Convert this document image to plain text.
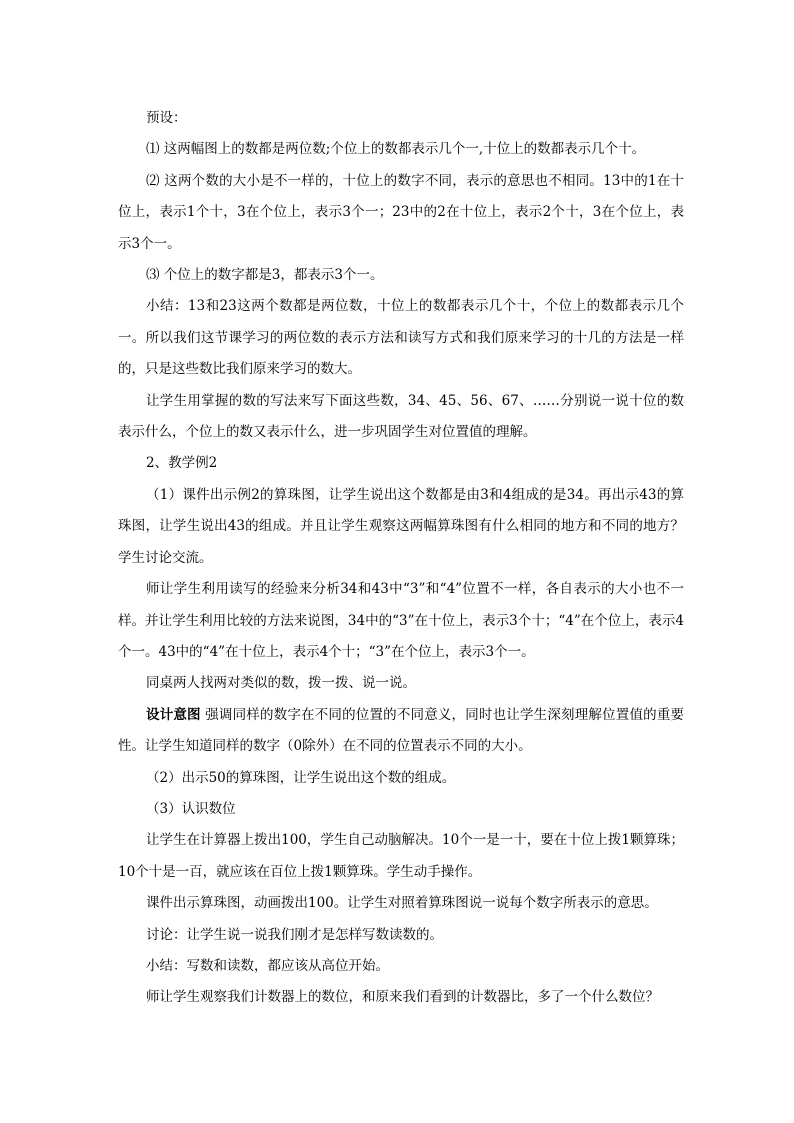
预设：

⑴ 这两幅图上的数都是两位数;个位上的数都表示几个一,十位上的数都表示几个十。

⑵ 这两个数的大小是不一样的，十位上的数字不同，表示的意思也不相同。13中的1在十位上，表示1个十，3在个位上，表示3个一；23中的2在十位上，表示2个十，3在个位上，表示3个一。

⑶ 个位上的数字都是3，都表示3个一。

小结：13和23这两个数都是两位数，十位上的数都表示几个十，个位上的数都表示几个一。所以我们这节课学习的两位数的表示方法和读写方式和我们原来学习的十几的方法是一样的，只是这些数比我们原来学习的数大。

让学生用掌握的数的写法来写下面这些数，34、45、56、67、……分别说一说十位的数表示什么，个位上的数又表示什么，进一步巩固学生对位置值的理解。

2、教学例2

（1）课件出示例2的算珠图，让学生说出这个数都是由3和4组成的是34。再出示43的算珠图，让学生说出43的组成。并且让学生观察这两幅算珠图有什么相同的地方和不同的地方？学生讨论交流。

师让学生利用读写的经验来分析34和43中“3”和“4”位置不一样，各自表示的大小也不一样。并让学生利用比较的方法来说图，34中的“3”在十位上，表示3个十；“4”在个位上，表示4个一。43中的“4”在十位上，表示4个十；“3”在个位上，表示3个一。

同桌两人找两对类似的数，拨一拨、说一说。

设计意图 强调同样的数字在不同的位置的不同意义，同时也让学生深刻理解位置值的重要性。让学生知道同样的数字（0除外）在不同的位置表示不同的大小。

（2）出示50的算珠图，让学生说出这个数的组成。

（3）认识数位

让学生在计算器上拨出100，学生自己动脑解决。10个一是一十，要在十位上拨1颗算珠；10个十是一百，就应该在百位上拨1颗算珠。学生动手操作。

课件出示算珠图，动画拨出100。让学生对照着算珠图说一说每个数字所表示的意思。

讨论：让学生说一说我们刚才是怎样写数读数的。

小结：写数和读数，都应该从高位开始。

师让学生观察我们计数器上的数位，和原来我们看到的计数器比，多了一个什么数位？
